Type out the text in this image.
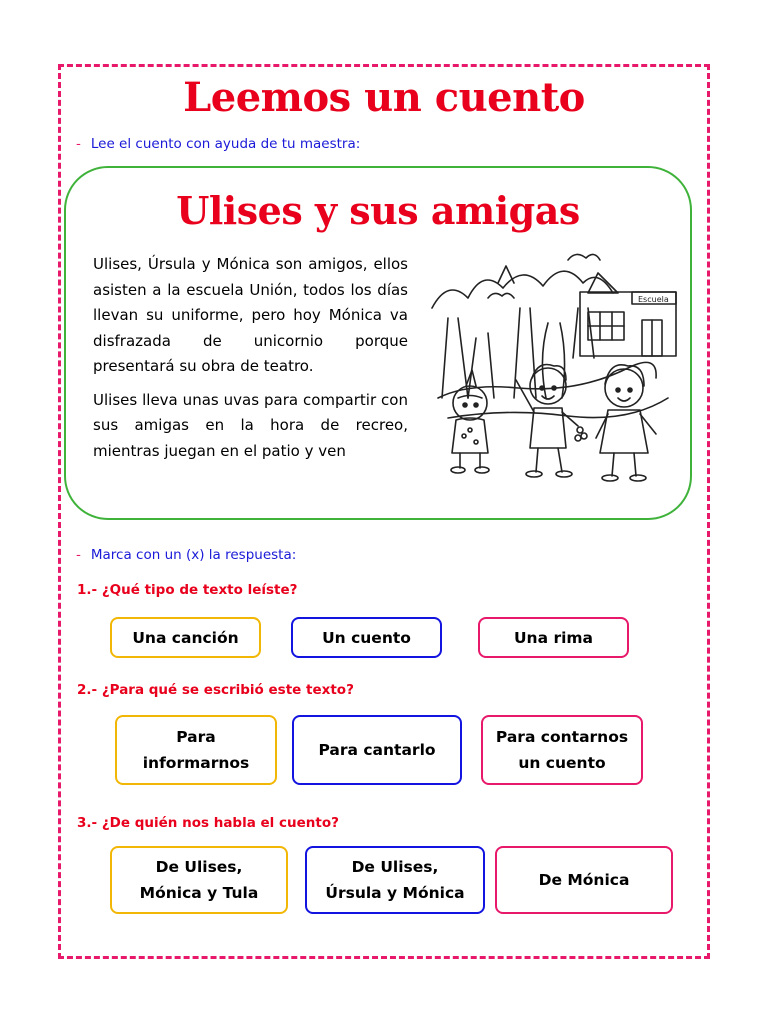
Leemos un cuento
- Lee el cuento con ayuda de tu maestra:
Ulises y sus amigas

Ulises, Úrsula y Mónica son amigos, ellos asisten a la escuela Unión, todos los días llevan su uniforme, pero hoy Mónica va disfrazada de unicornio porque presentará su obra de teatro.

Ulises lleva unas uvas para compartir con sus amigas en la hora de recreo, mientras juegan en el patio y ven

Escuela
- Marca con un (x) la respuesta:
1.- ¿Qué tipo de texto leíste?
Una canción	Un cuento	Una rima
2.- ¿Para qué se escribió este texto?
Para
informarnos
Para cantarlo
Para contarnos
un cuento
3.- ¿De quién nos habla el cuento?
De Ulises,
Mónica y Tula
De Ulises,
Úrsula y Mónica
De Mónica
